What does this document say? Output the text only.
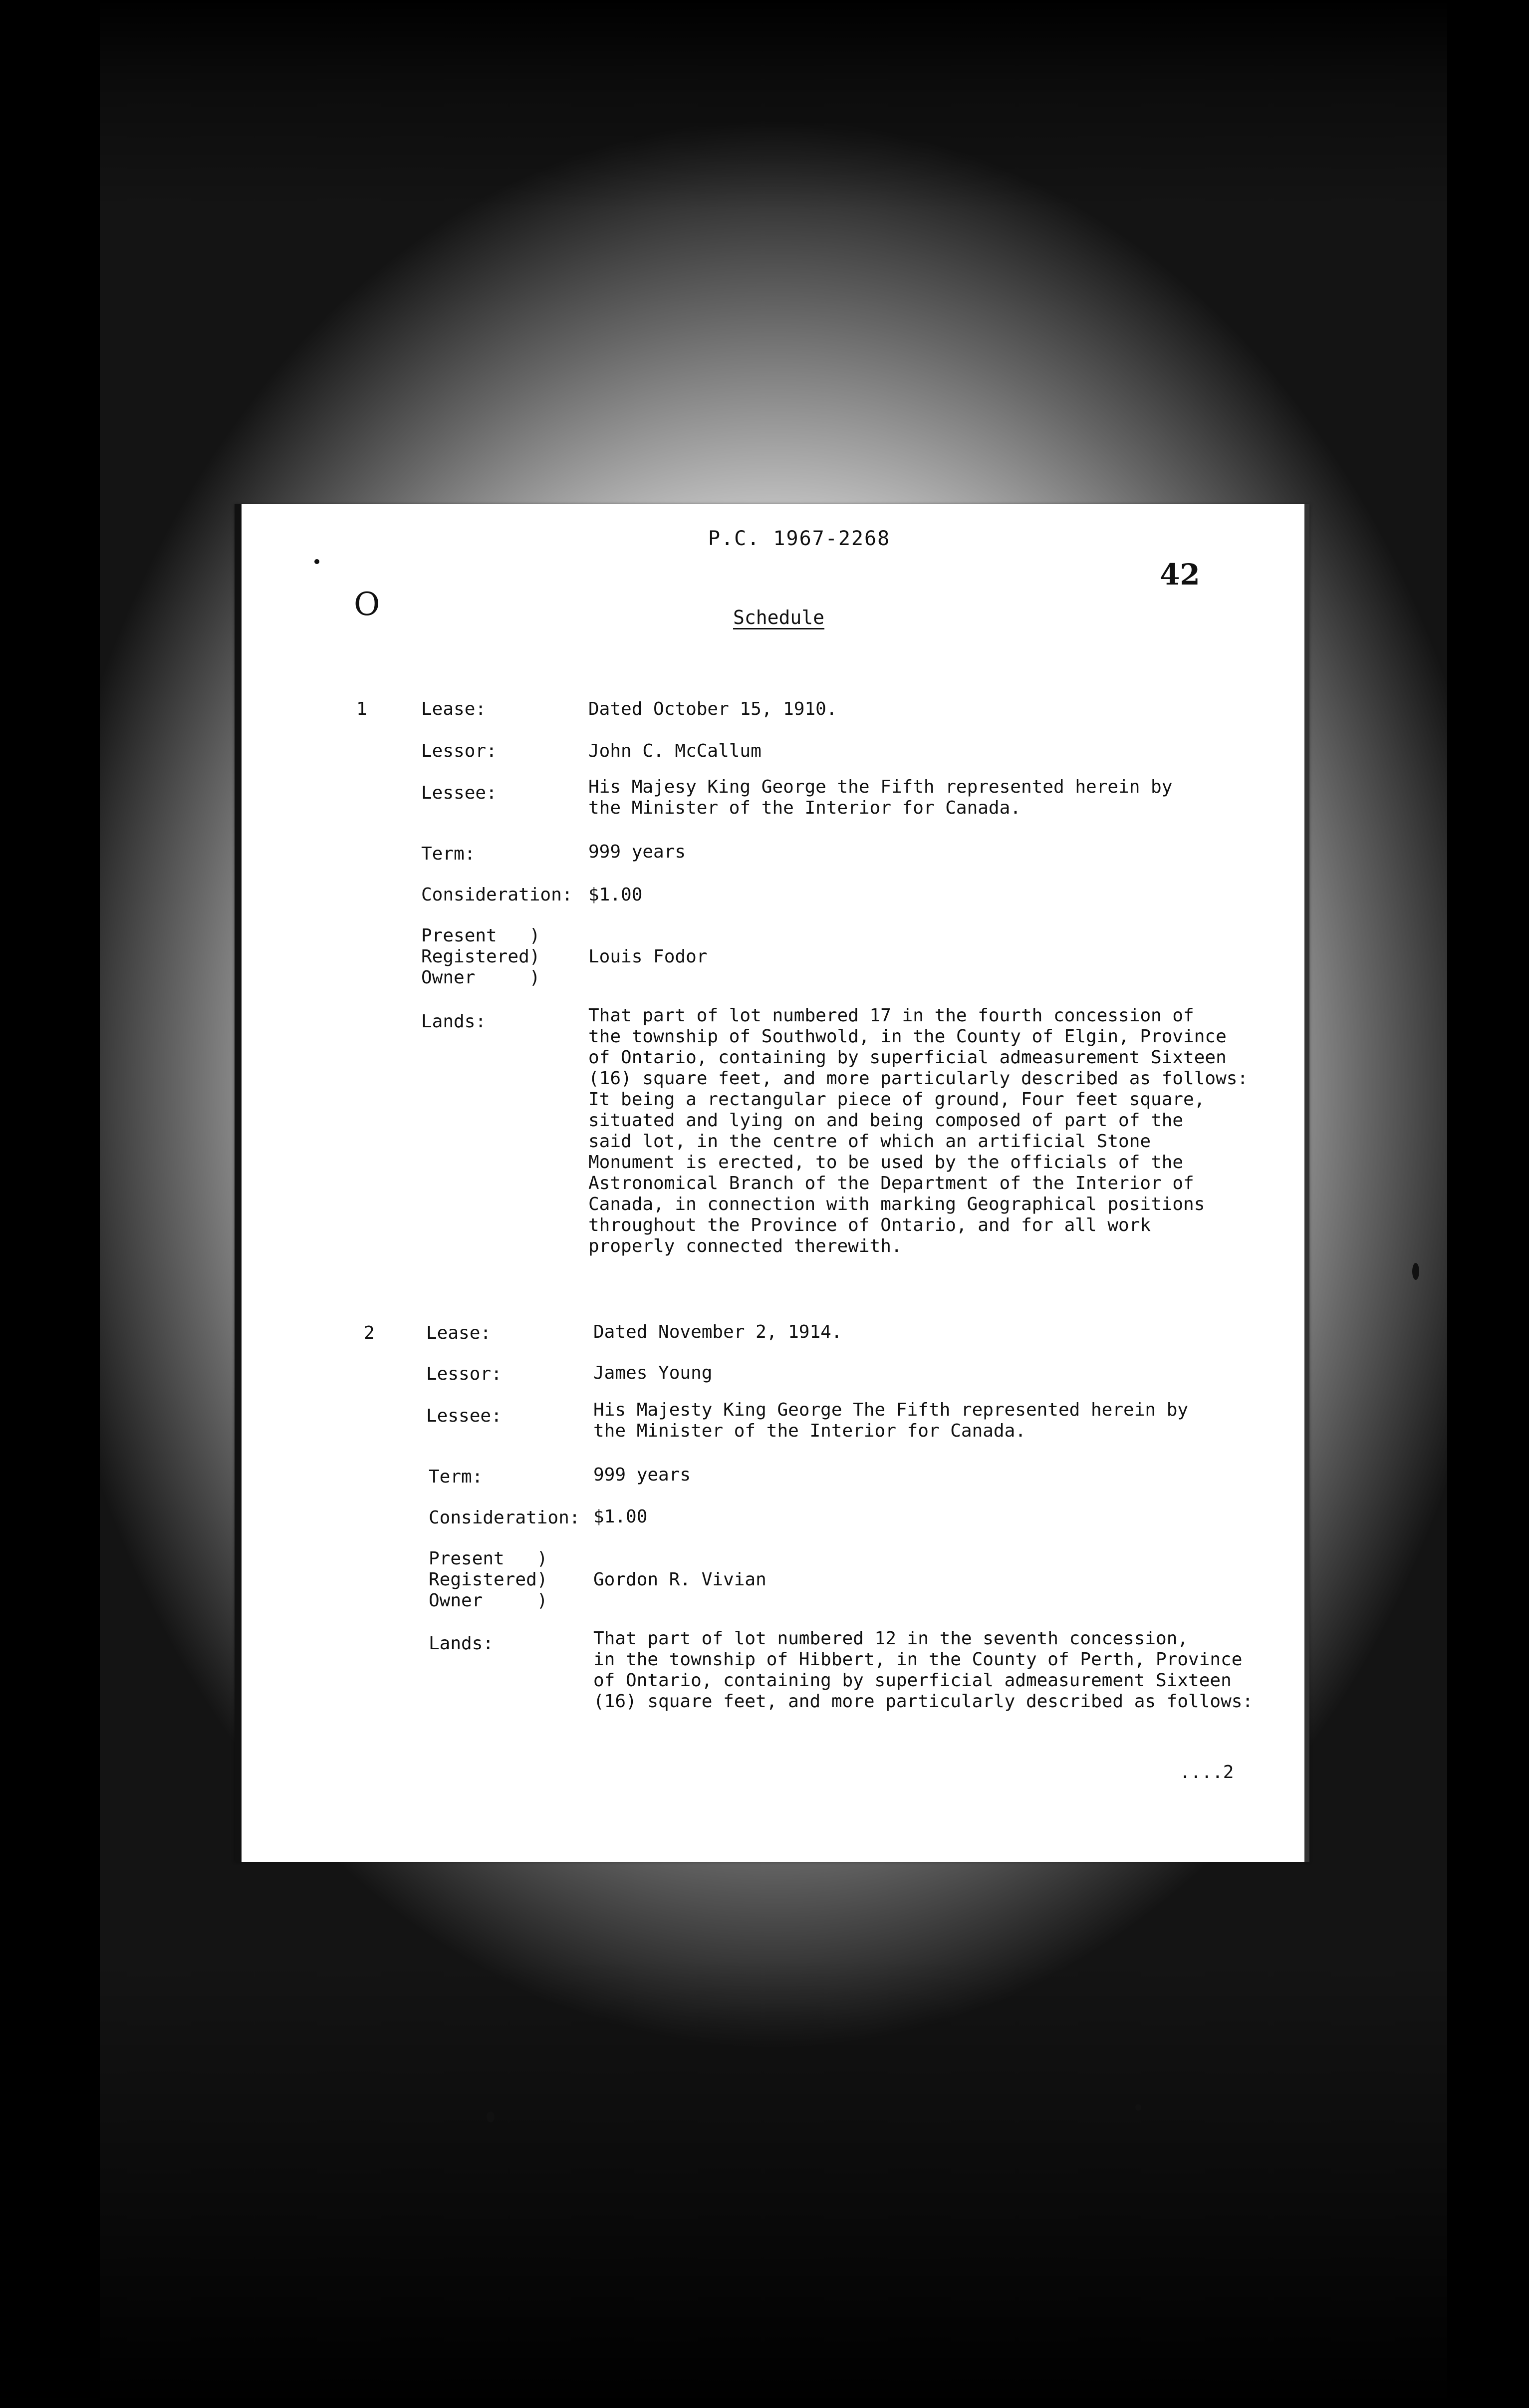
P.C. 1967-2268
42
O	Schedule
1	Lease:	Dated October 15, 1910.
Lessor:	John C. McCallum
Lessee:	His Majesy King George the Fifth represented herein by
the Minister of the Interior for Canada.
Term:	999 years
Consideration: $1.00
Present   )
Registered)
Owner     )
Louis Fodor
Lands:	That part of lot numbered 17 in the fourth concession of
the township of Southwold, in the County of Elgin, Province
of Ontario, containing by superficial admeasurement Sixteen
(16) square feet, and more particularly described as follows:
It being a rectangular piece of ground, Four feet square,
situated and lying on and being composed of part of the
said lot, in the centre of which an artificial Stone
Monument is erected, to be used by the officials of the
Astronomical Branch of the Department of the Interior of
Canada, in connection with marking Geographical positions
throughout the Province of Ontario, and for all work
properly connected therewith.
2	Lease:	Dated November 2, 1914.
Lessor:	James Young
Lessee:	His Majesty King George The Fifth represented herein by
the Minister of the Interior for Canada.
Term:	999 years
Consideration: $1.00
Present   )
Registered)
Owner     )
Gordon R. Vivian
Lands:	That part of lot numbered 12 in the seventh concession,
in the township of Hibbert, in the County of Perth, Province
of Ontario, containing by superficial admeasurement Sixteen
(16) square feet, and more particularly described as follows:
....2
